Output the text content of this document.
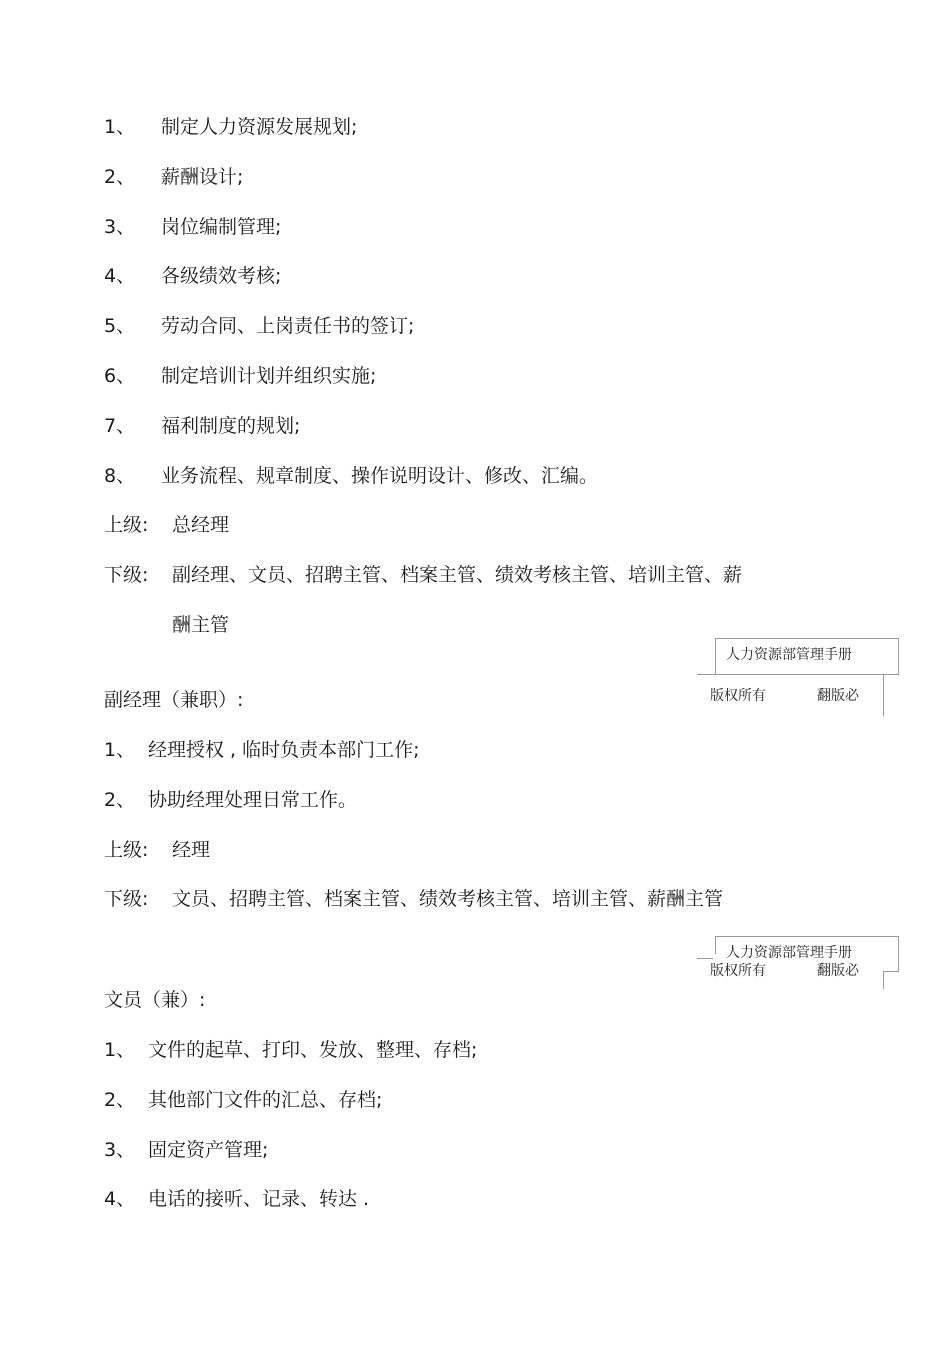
1、 制定人力资源发展规划;
2、 薪酬设计;
3、 岗位编制管理;
4、 各级绩效考核;
5、 劳动合同、上岗责任书的签订;
6、 制定培训计划并组织实施;
7、 福利制度的规划;
8、 业务流程、规章制度、操作说明设计、修改、汇编。
上级: 总经理
下级: 副经理、文员、招聘主管、档案主管、绩效考核主管、培训主管、薪
酬主管
人力资源部管理手册
版权所有	翻版必
副经理（兼职）:
1、 经理授权 , 临时负责本部门工作;
2、 协助经理处理日常工作。
上级: 经理
下级: 文员、招聘主管、档案主管、绩效考核主管、培训主管、薪酬主管
人力资源部管理手册
版权所有	翻版必
文员（兼）:
1、 文件的起草、打印、发放、整理、存档;
2、 其他部门文件的汇总、存档;
3、 固定资产管理;
4、 电话的接听、记录、转达 .
